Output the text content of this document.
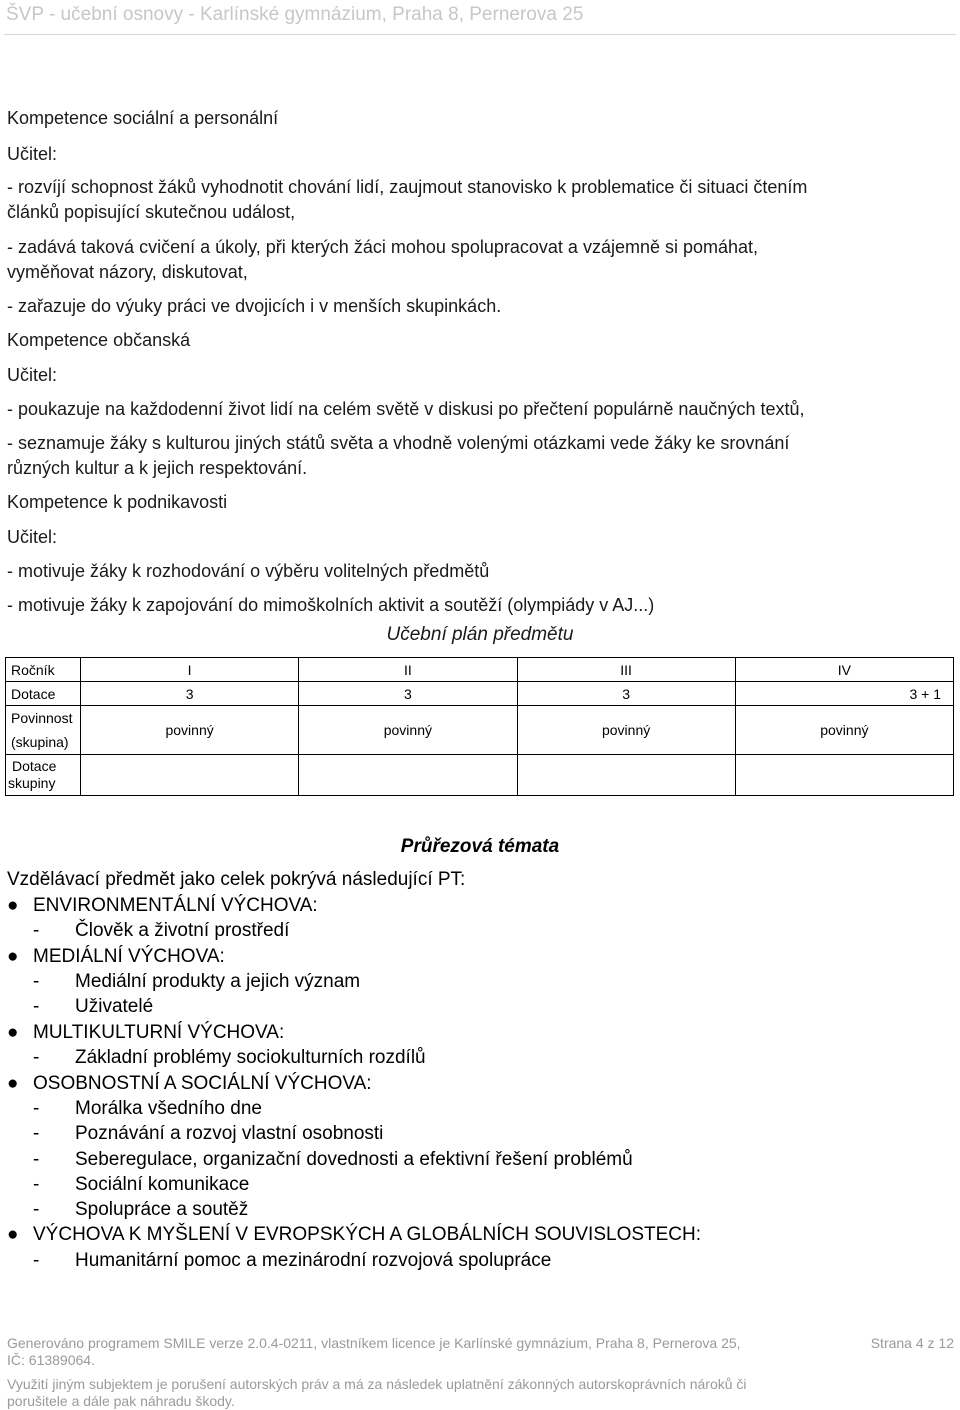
ŠVP - učební osnovy - Karlínské gymnázium, Praha 8, Pernerova 25
Kompetence sociální a personální
Učitel:
- rozvíjí schopnost žáků vyhodnotit chování lidí, zaujmout stanovisko k problematice či situaci čtením
článků popisující skutečnou událost,
- zadává taková cvičení a úkoly, při kterých žáci mohou spolupracovat a vzájemně si pomáhat,
vyměňovat názory, diskutovat,
- zařazuje do výuky práci ve dvojicích i v menších skupinkách.
Kompetence občanská
Učitel:
- poukazuje na každodenní život lidí na celém světě v diskusi po přečtení populárně naučných textů,
- seznamuje žáky s kulturou jiných států světa a vhodně volenými otázkami vede žáky ke srovnání
různých kultur a k jejich respektování.
Kompetence k podnikavosti
Učitel:
- motivuje žáky k rozhodování o výběru volitelných předmětů
- motivuje žáky k zapojování do mimoškolních aktivit a soutěží (olympiády v AJ...)
Učební plán předmětu
Ročník	I	II	III	IV
Dotace	3	3	3	3 + 1

Povinnost
(skupina)	povinný	povinný	povinný	povinný

Dotace
skupiny				

Průřezová témata
Vzdělávací předmět jako celek pokrývá následující PT:
● ENVIRONMENTÁLNÍ VÝCHOVA:
- Člověk a životní prostředí
● MEDIÁLNÍ VÝCHOVA:
- Mediální produkty a jejich význam
- Uživatelé
● MULTIKULTURNÍ VÝCHOVA:
- Základní problémy sociokulturních rozdílů
● OSOBNOSTNÍ A SOCIÁLNÍ VÝCHOVA:
- Morálka všedního dne
- Poznávání a rozvoj vlastní osobnosti
- Seberegulace, organizační dovednosti a efektivní řešení problémů
- Sociální komunikace
- Spolupráce a soutěž
● VÝCHOVA K MYŠLENÍ V EVROPSKÝCH A GLOBÁLNÍCH SOUVISLOSTECH:
- Humanitární pomoc a mezinárodní rozvojová spolupráce
Generováno programem SMILE verze 2.0.4-0211, vlastníkem licence je Karlínské gymnázium, Praha 8, Pernerova 25,
IČ: 61389064.
Strana 4 z 12
Využití jiným subjektem je porušení autorských práv a má za následek uplatnění zákonných autorskoprávních nároků či
porušitele a dále pak náhradu škody.
